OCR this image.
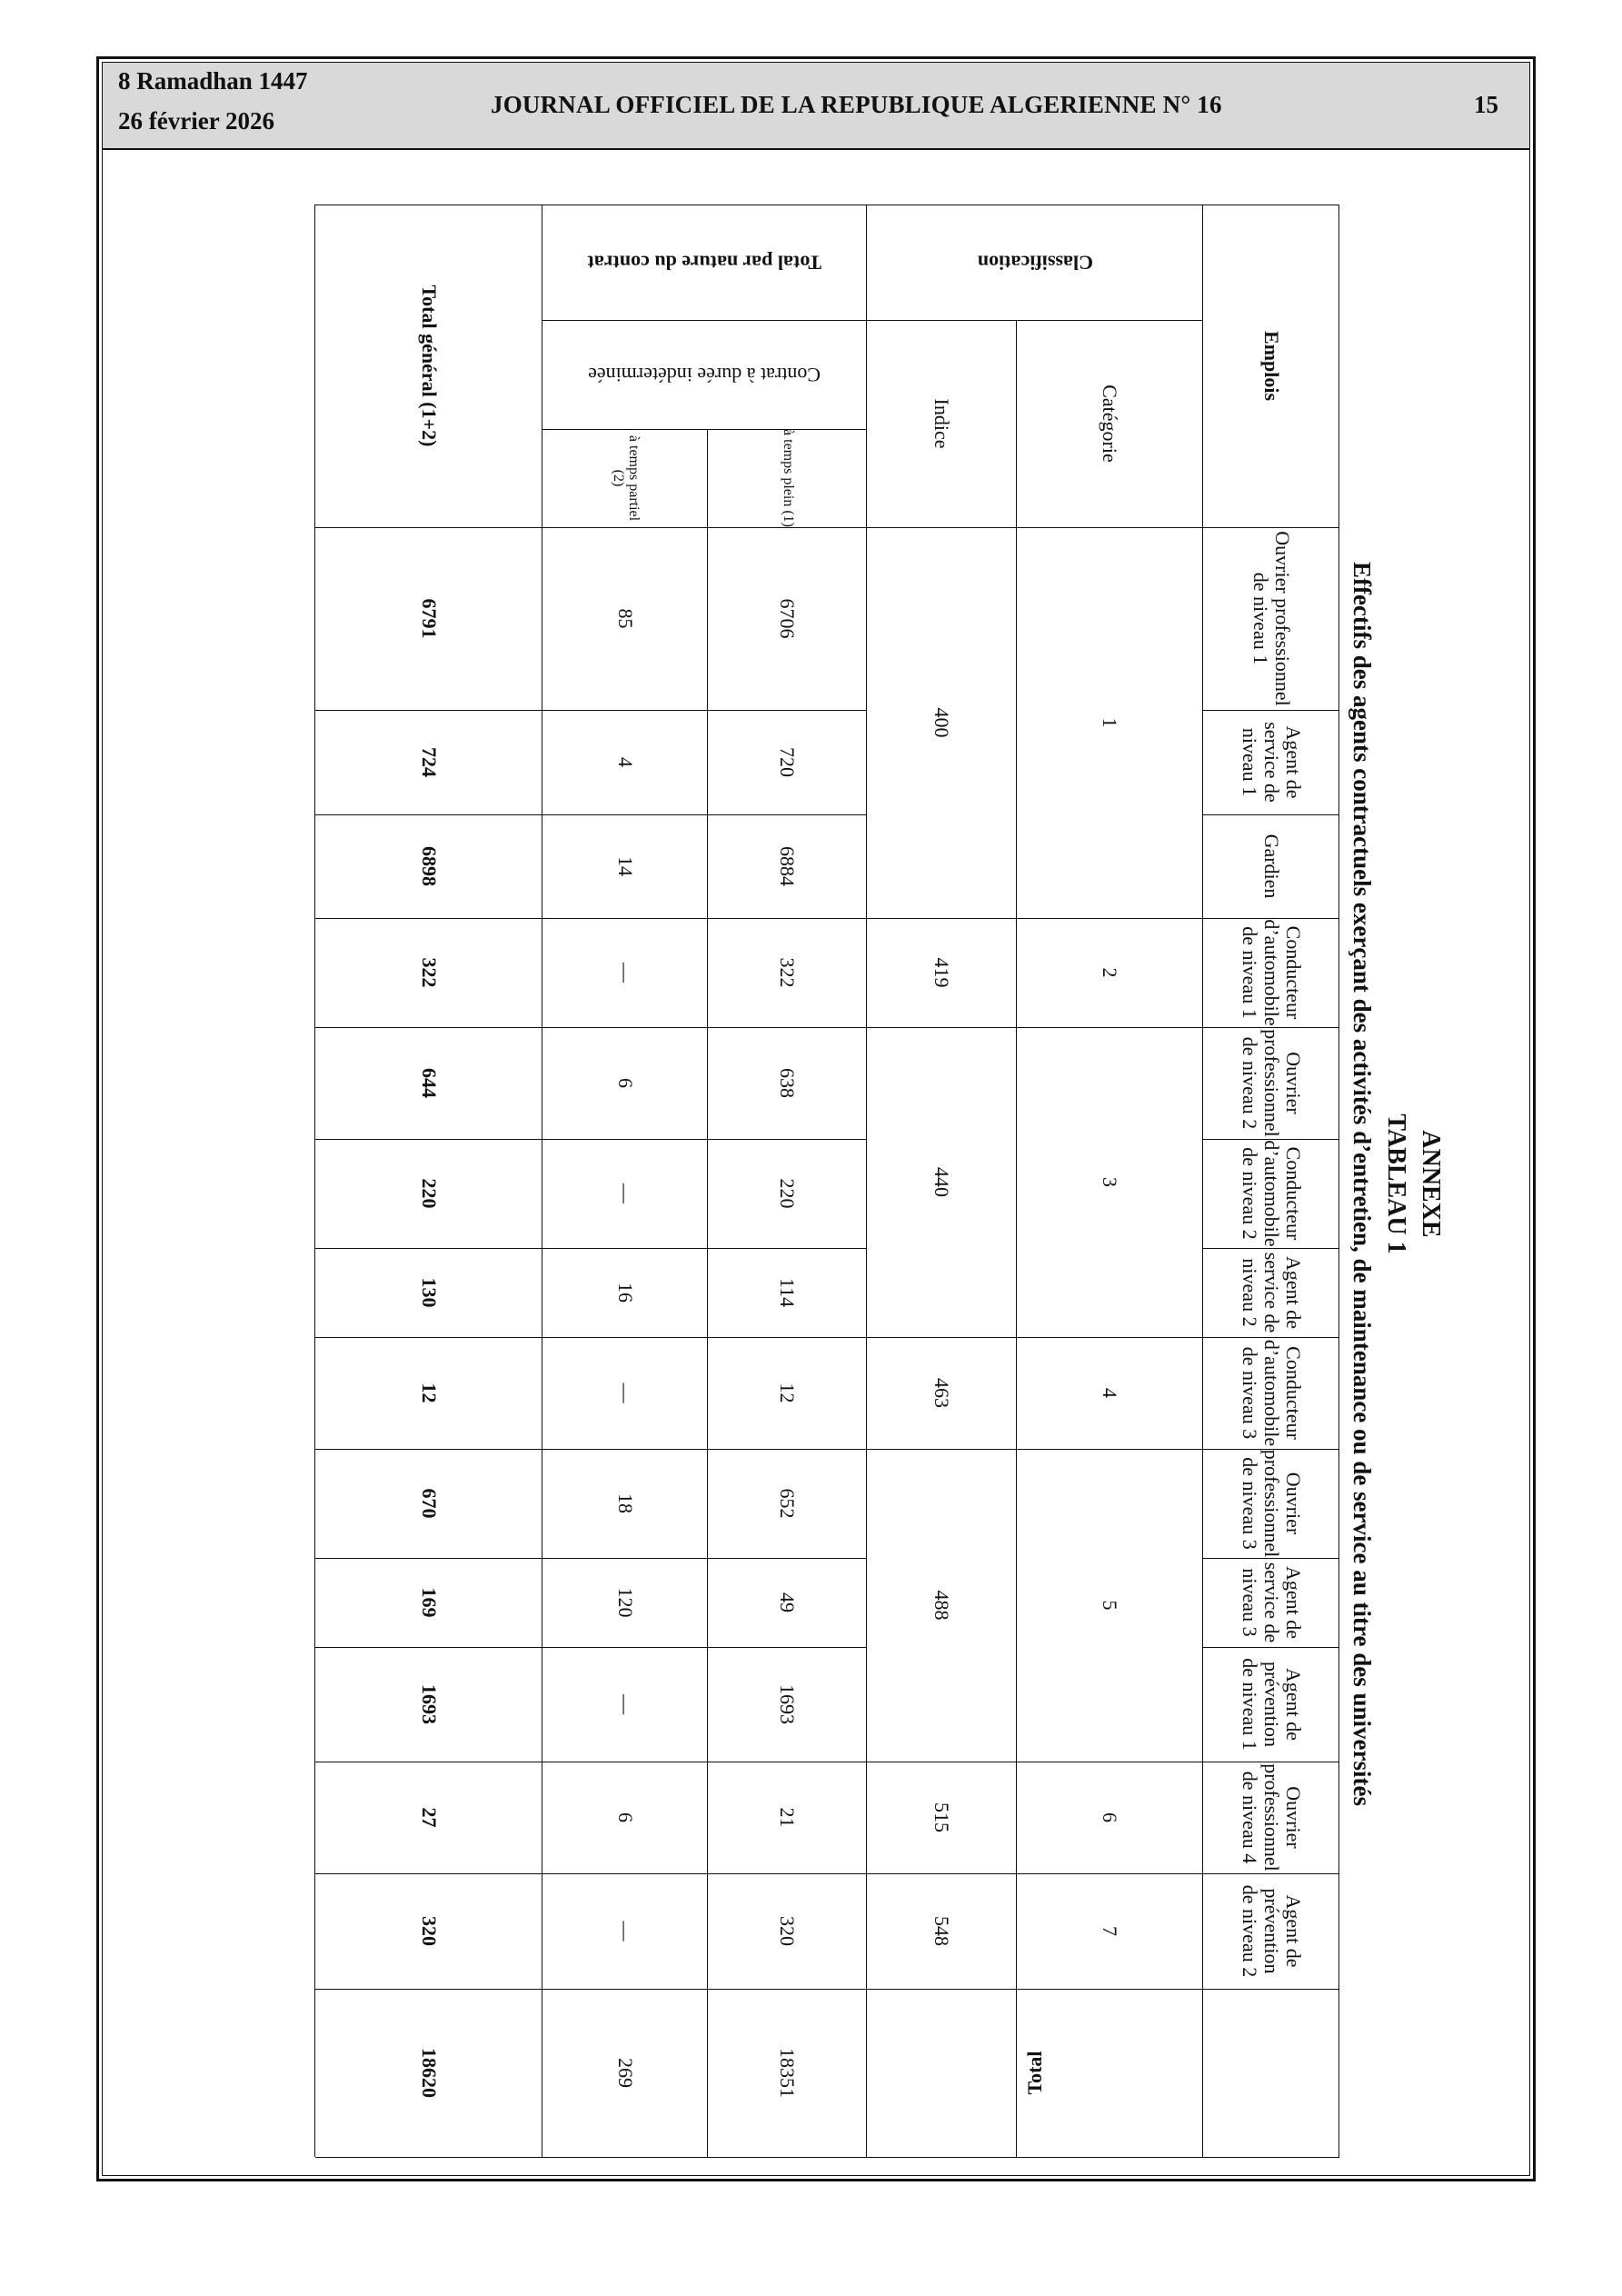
8 Ramadhan 1447
26 février 2026
JOURNAL OFFICIEL DE LA REPUBLIQUE ALGERIENNE N° 16	15
ANNEXE
TABLEAU 1
Effectifs des agents contractuels exerçant des activités d’entretien, de maintenance ou de service au titre des universités
Emplois
Classification
Catégorie
Indice
Total par nature du contrat
Contrat à durée indéterminée
à temps plein (1)
à temps partiel (2)
Total général (1+2)
Total
18351
269
18620
Ouvrier professionnel de niveau 1
6706
85
6791
Agent de service de niveau 1
720
4
724
Gardien
6884
14
6898
Conducteur d’automobile de niveau 1
322
—
322
Ouvrier professionnel de niveau 2
638
6
644
Conducteur d’automobile de niveau 2
220
—
220
Agent de service de niveau 2
114
16
130
Conducteur d’automobile de niveau 3
12
—
12
Ouvrier professionnel de niveau 3
652
18
670
Agent de service de niveau 3
49
120
169
Agent de prévention de niveau 1
1693
—
1693
Ouvrier professionnel de niveau 4
21
6
27
Agent de prévention de niveau 2
320
—
320
1
400
2
419
3
440
4
463
5
488
6
515
7
548
